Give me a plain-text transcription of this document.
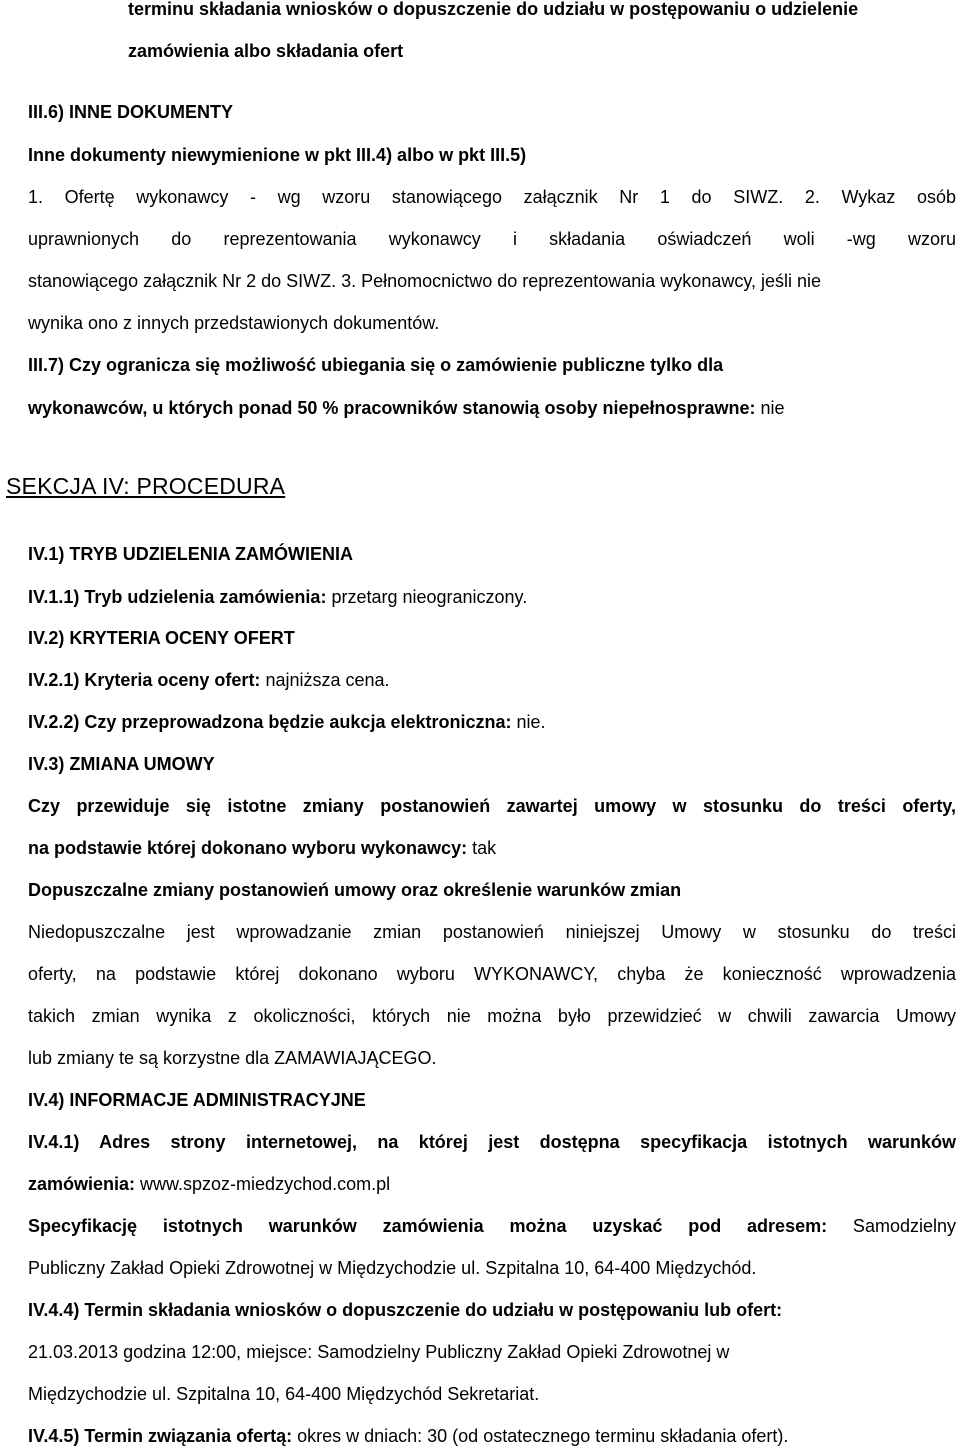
terminu składania wniosków o dopuszczenie do udziału w postępowaniu o udzielenie
zamówienia albo składania ofert
III.6) INNE DOKUMENTY
Inne dokumenty niewymienione w pkt III.4) albo w pkt III.5)
1. Ofertę wykonawcy - wg wzoru stanowiącego załącznik Nr 1 do SIWZ. 2. Wykaz osób
uprawnionych do reprezentowania wykonawcy i składania oświadczeń woli -wg wzoru
stanowiącego załącznik Nr 2 do SIWZ. 3. Pełnomocnictwo do reprezentowania wykonawcy, jeśli nie
wynika ono z innych przedstawionych dokumentów.
III.7) Czy ogranicza się możliwość ubiegania się o zamówienie publiczne tylko dla
wykonawców, u których ponad 50 % pracowników stanowią osoby niepełnosprawne: nie
SEKCJA IV: PROCEDURA
IV.1) TRYB UDZIELENIA ZAMÓWIENIA
IV.1.1) Tryb udzielenia zamówienia: przetarg nieograniczony.
IV.2) KRYTERIA OCENY OFERT
IV.2.1) Kryteria oceny ofert: najniższa cena.
IV.2.2) Czy przeprowadzona będzie aukcja elektroniczna: nie.
IV.3) ZMIANA UMOWY
Czy przewiduje się istotne zmiany postanowień zawartej umowy w stosunku do treści oferty,
na podstawie której dokonano wyboru wykonawcy: tak
Dopuszczalne zmiany postanowień umowy oraz określenie warunków zmian
Niedopuszczalne jest wprowadzanie zmian postanowień niniejszej Umowy w stosunku do treści
oferty, na podstawie której dokonano wyboru WYKONAWCY, chyba że konieczność wprowadzenia
takich zmian wynika z okoliczności, których nie można było przewidzieć w chwili zawarcia Umowy
lub zmiany te są korzystne dla ZAMAWIAJĄCEGO.
IV.4) INFORMACJE ADMINISTRACYJNE
IV.4.1) Adres strony internetowej, na której jest dostępna specyfikacja istotnych warunków
zamówienia: www.spzoz-miedzychod.com.pl
Specyfikację istotnych warunków zamówienia można uzyskać pod adresem: Samodzielny
Publiczny Zakład Opieki Zdrowotnej w Międzychodzie ul. Szpitalna 10, 64-400 Międzychód.
IV.4.4) Termin składania wniosków o dopuszczenie do udziału w postępowaniu lub ofert:
21.03.2013 godzina 12:00, miejsce: Samodzielny Publiczny Zakład Opieki Zdrowotnej w
Międzychodzie ul. Szpitalna 10, 64-400 Międzychód Sekretariat.
IV.4.5) Termin związania ofertą: okres w dniach: 30 (od ostatecznego terminu składania ofert).
